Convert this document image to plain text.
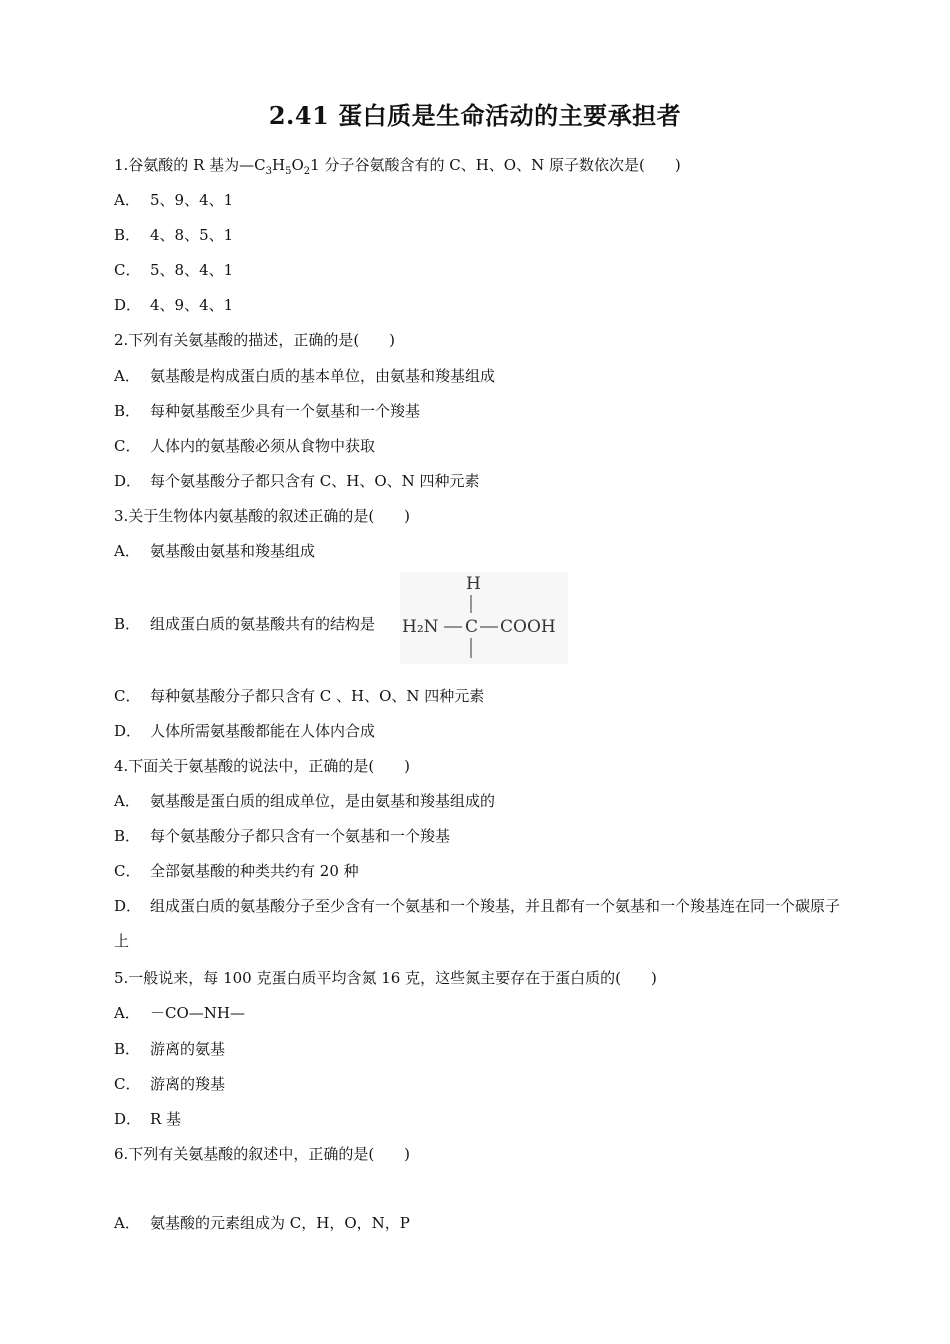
2.41 蛋白质是生命活动的主要承担者
1.谷氨酸的 R 基为$—C_3H_5O_21$ 分子谷氨酸含有的 C、H、O、N 原子数依次是(　　)
A． 5、9、4、1
B． 4、8、5、1
C． 5、8、4、1
D． 4、9、4、1
2.下列有关氨基酸的描述，正确的是(　　)
A． 氨基酸是构成蛋白质的基本单位，由氨基和羧基组成
B． 每种氨基酸至少具有一个氨基和一个羧基
C． 人体内的氨基酸必须从食物中获取
D． 每个氨基酸分子都只含有 C、H、O、N 四种元素
3.关于生物体内氨基酸的叙述正确的是(　　)
A． 氨基酸由氨基和羧基组成
B． 组成蛋白质的氨基酸共有的结构是
H
H₂N C COOH
C． 每种氨基酸分子都只含有 C 、H、O、N 四种元素
D． 人体所需氨基酸都能在人体内合成
4.下面关于氨基酸的说法中，正确的是(　　)
A． 氨基酸是蛋白质的组成单位，是由氨基和羧基组成的
B． 每个氨基酸分子都只含有一个氨基和一个羧基
C． 全部氨基酸的种类共约有 20 种
D． 组成蛋白质的氨基酸分子至少含有一个氨基和一个羧基，并且都有一个氨基和一个羧基连在同一个碳原子上
5.一般说来，每 100 克蛋白质平均含氮 16 克，这些氮主要存在于蛋白质的(　　)
A． －CO—NH—
B． 游离的氨基
C． 游离的羧基
D． R 基
6.下列有关氨基酸的叙述中，正确的是(　　)
A． 氨基酸的元素组成为 C，H，O，N，P
